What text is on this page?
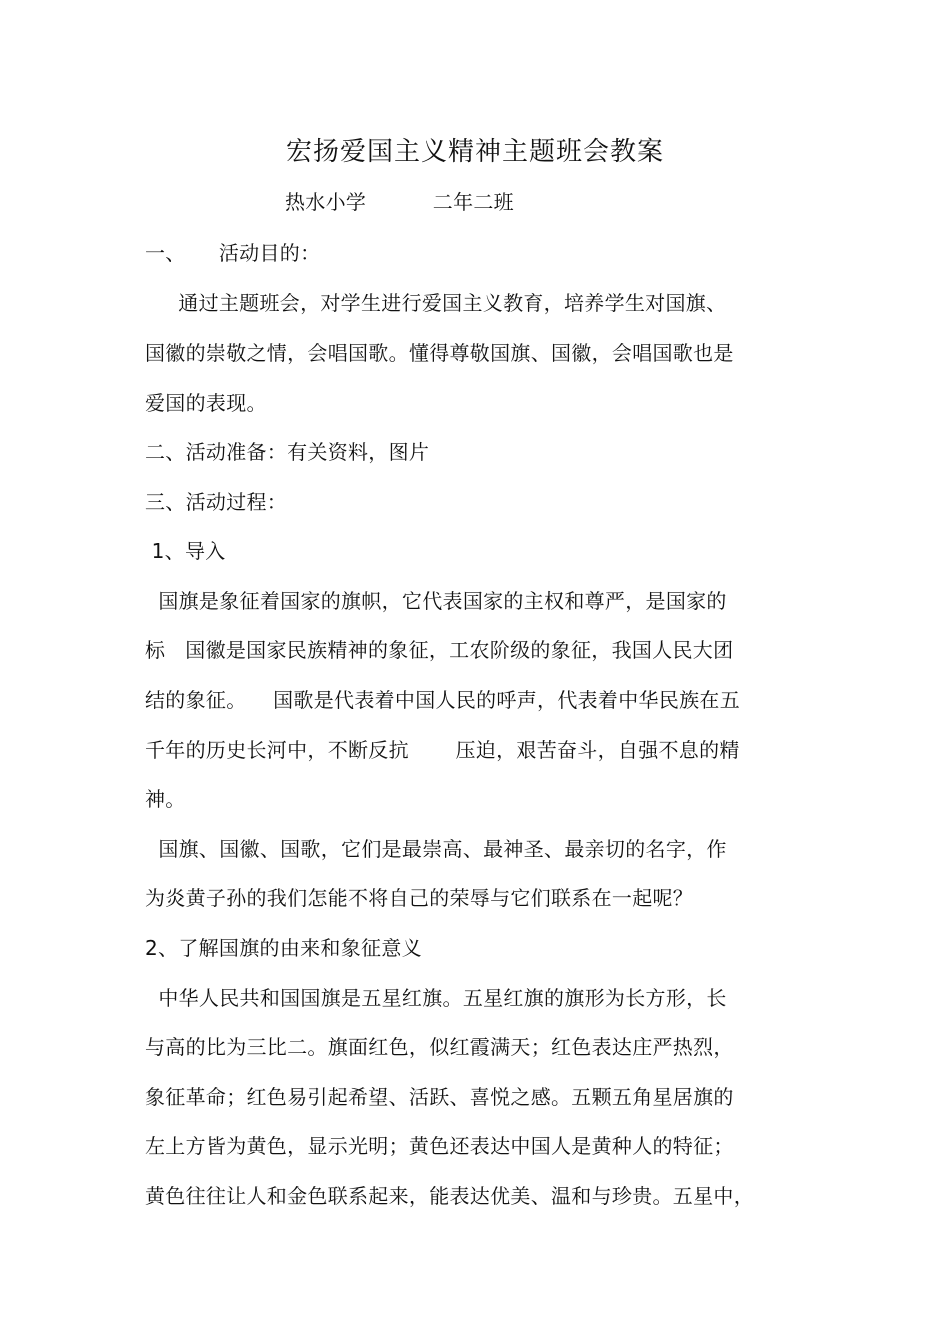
宏扬爱国主义精神主题班会教案
热水小学          二年二班
一、     活动目的：
通过主题班会，对学生进行爱国主义教育，培养学生对国旗、
国徽的崇敬之情，会唱国歌。懂得尊敬国旗、国徽，会唱国歌也是
爱国的表现。
二、活动准备：有关资料，图片
三、活动过程：
1、导入
国旗是象征着国家的旗帜，它代表国家的主权和尊严，是国家的
标   国徽是国家民族精神的象征，工农阶级的象征，我国人民大团
结的象征。    国歌是代表着中国人民的呼声，代表着中华民族在五
千年的历史长河中，不断反抗       压迫，艰苦奋斗，自强不息的精
神。
国旗、国徽、国歌，它们是最崇高、最神圣、最亲切的名字，作
为炎黄子孙的我们怎能不将自己的荣辱与它们联系在一起呢？
2、了解国旗的由来和象征意义
中华人民共和国国旗是五星红旗。五星红旗的旗形为长方形，长
与高的比为三比二。旗面红色，似红霞满天；红色表达庄严热烈，
象征革命；红色易引起希望、活跃、喜悦之感。五颗五角星居旗的
左上方皆为黄色，显示光明；黄色还表达中国人是黄种人的特征；
黄色往往让人和金色联系起来，能表达优美、温和与珍贵。五星中，
